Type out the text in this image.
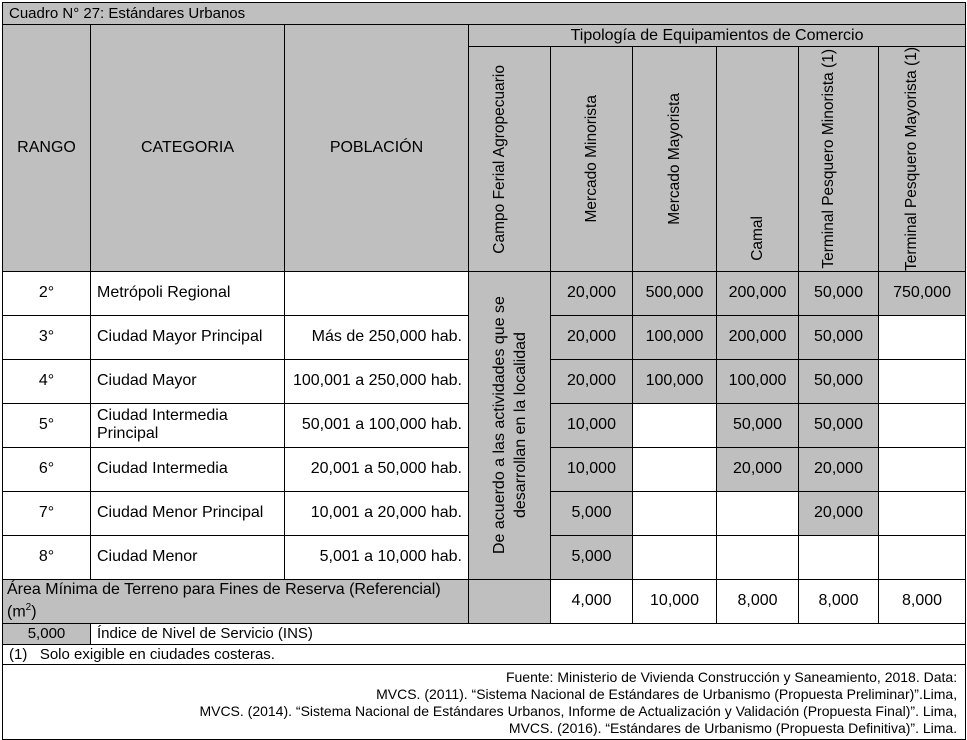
Cuadro N° 27: Estándares Urbanos								
RANGO	CATEGORIA	POBLACIÓN	Tipología de Equipamientos de Comercio					

			Campo Ferial Agropecuario	Mercado Minorista	Mercado Mayorista	Camal	Terminal Pesquero Minorista (1)	Terminal Pesquero Mayorista (1)

2°	Metrópoli Regional		De acuerdo a las actividades que se desarrollan en la localidad	20,000	500,000	200,000	50,000	750,000
3°	Ciudad Mayor Principal	Más de 250,000 hab.		20,000	100,000	200,000	50,000	
4°	Ciudad Mayor	100,001 a 250,000 hab.		20,000	100,000	100,000	50,000	
5°	Ciudad Intermedia Principal	50,001 a 100,000 hab.		10,000		50,000	50,000	
6°	Ciudad Intermedia	20,001 a 50,000 hab.		10,000		20,000	20,000	
7°	Ciudad Menor Principal	10,001 a 20,000 hab.		5,000			20,000	
8°	Ciudad Menor	5,001 a 10,000 hab.		5,000				
Área Mínima de Terreno para Fines de Reserva (Referencial) $(m^2)$				4,000	10,000	8,000	8,000	8,000
5,000	Índice de Nivel de Servicio (INS)							
(1)   Solo exigible en ciudades costeras.								

Fuente: Ministerio de Vivienda Construcción y Saneamiento, 2018. Data:
MVCS. (2011). “Sistema Nacional de Estándares de Urbanismo (Propuesta Preliminar)”.Lima,
MVCS. (2014). “Sistema Nacional de Estándares Urbanos, Informe de Actualización y Validación (Propuesta Final)”. Lima,
MVCS. (2016). “Estándares de Urbanismo (Propuesta Definitiva)”. Lima.								
